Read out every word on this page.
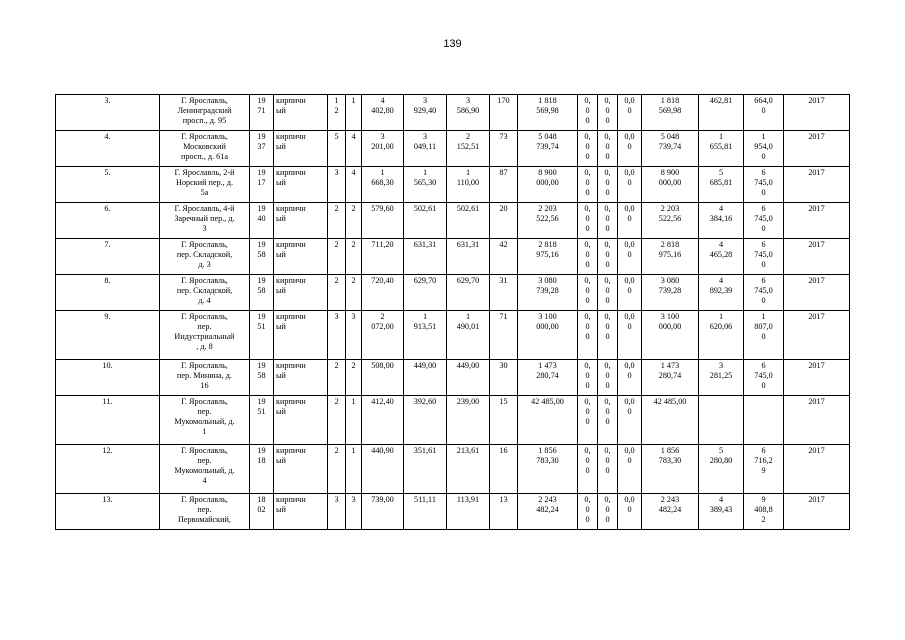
139
3.	Г. Ярославль,
Ленинградский
просп., д. 95	19
71	кирпичн
ый	1
2	1	4
402,80	3
929,40	3
586,90	170	1 818
569,98	0,
0
0	0,
0
0	0,0
0	1 818
569,98	462,81	664,0
0	2017
4.	Г. Ярославль,
Московский
просп., д. 61а	19
37	кирпичн
ый	5	4	3
201,00	3
049,11	2
152,51	73	5 048
739,74	0,
0
0	0,
0
0	0,0
0	5 048
739,74	1
655,81	1
954,0
0	2017
5.	Г. Ярославль, 2-й
Норский пер., д.
5а	19
17	кирпичн
ый	3	4	1
668,30	1
565,30	1
110,00	87	8 900
000,00	0,
0
0	0,
0
0	0,0
0	8 900
000,00	5
685,81	6
745,0
0	2017
6.	Г. Ярославль, 4-й
Заречный пер., д.
3	19
40	кирпичн
ый	2	2	579,60	502,61	502,61	20	2 203
522,56	0,
0
0	0,
0
0	0,0
0	2 203
522,56	4
384,16	6
745,0
0	2017
7.	Г. Ярославль,
пер. Складской,
д. 3	19
58	кирпичн
ый	2	2	711,20	631,31	631,31	42	2 818
975,16	0,
0
0	0,
0
0	0,0
0	2 818
975,16	4
465,28	6
745,0
0	2017
8.	Г. Ярославль,
пер. Складской,
д. 4	19
58	кирпичн
ый	2	2	720,40	629,70	629,70	31	3 080
739,28	0,
0
0	0,
0
0	0,0
0	3 080
739,28	4
892,39	6
745,0
0	2017
9.	Г. Ярославль,
пер.
Индустриальный
, д. 8	19
51	кирпичн
ый	3	3	2
072,00	1
913,51	1
490,01	71	3 100
000,00	0,
0
0	0,
0
0	0,0
0	3 100
000,00	1
620,06	1
807,0
0	2017
10.	Г. Ярославль,
пер. Минина, д.
16	19
58	кирпичн
ый	2	2	508,00	449,00	449,00	30	1 473
280,74	0,
0
0	0,
0
0	0,0
0	1 473
280,74	3
281,25	6
745,0
0	2017
11.	Г. Ярославль,
пер.
Мукомольный, д.
1	19
51	кирпичн
ый	2	1	412,40	392,60	239,00	15	42 485,00	0,
0
0	0,
0
0	0,0
0	42 485,00			2017
12.	Г. Ярославль,
пер.
Мукомольный, д.
4	19
18	кирпичн
ый	2	1	440,90	351,61	213,61	16	1 856
783,30	0,
0
0	0,
0
0	0,0
0	1 856
783,30	5
280,80	6
716,2
9	2017
13.	Г. Ярославль,
пер.
Первомайский,	18
02	кирпичн
ый	3	3	739,00	511,11	113,91	13	2 243
482,24	0,
0
0	0,
0
0	0,0
0	2 243
482,24	4
389,43	9
408,8
2	2017
